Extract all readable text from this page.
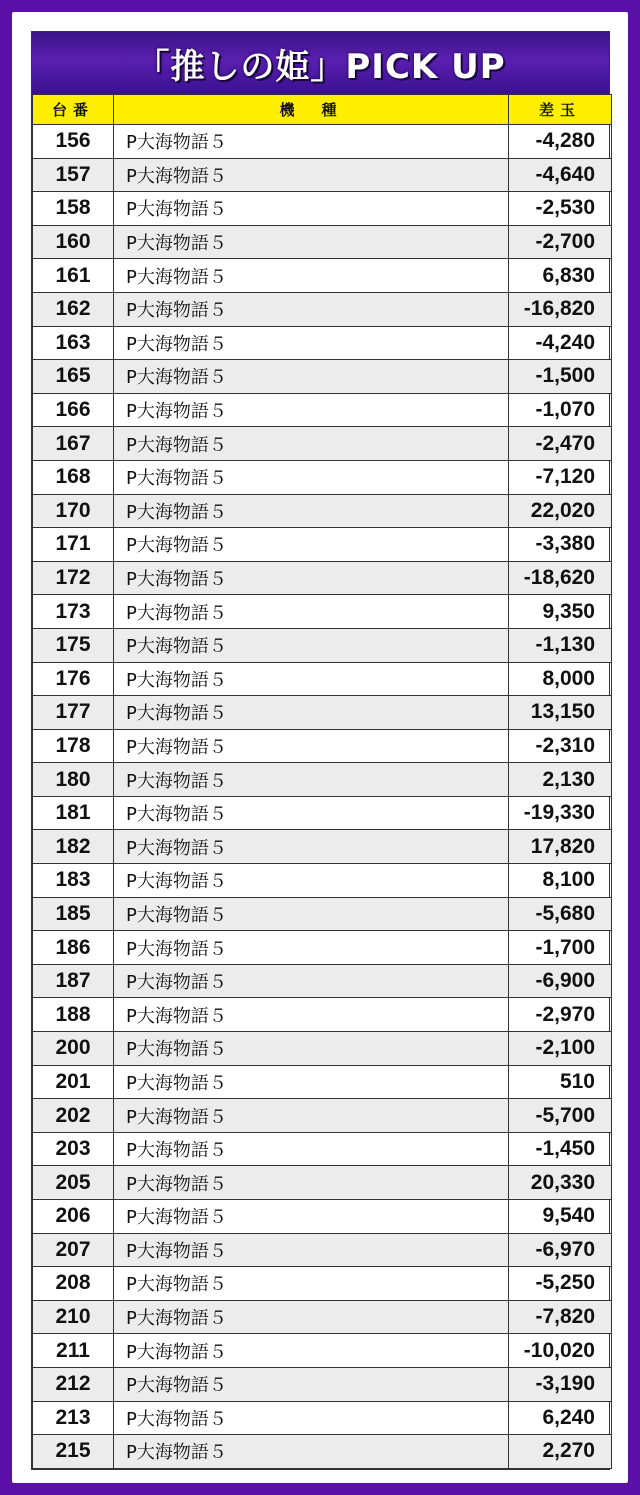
「推しの姫」PICK UP
台番	機　種	差玉
156	P大海物語５	-4,280
157	P大海物語５	-4,640
158	P大海物語５	-2,530
160	P大海物語５	-2,700
161	P大海物語５	6,830
162	P大海物語５	-16,820
163	P大海物語５	-4,240
165	P大海物語５	-1,500
166	P大海物語５	-1,070
167	P大海物語５	-2,470
168	P大海物語５	-7,120
170	P大海物語５	22,020
171	P大海物語５	-3,380
172	P大海物語５	-18,620
173	P大海物語５	9,350
175	P大海物語５	-1,130
176	P大海物語５	8,000
177	P大海物語５	13,150
178	P大海物語５	-2,310
180	P大海物語５	2,130
181	P大海物語５	-19,330
182	P大海物語５	17,820
183	P大海物語５	8,100
185	P大海物語５	-5,680
186	P大海物語５	-1,700
187	P大海物語５	-6,900
188	P大海物語５	-2,970
200	P大海物語５	-2,100
201	P大海物語５	510
202	P大海物語５	-5,700
203	P大海物語５	-1,450
205	P大海物語５	20,330
206	P大海物語５	9,540
207	P大海物語５	-6,970
208	P大海物語５	-5,250
210	P大海物語５	-7,820
211	P大海物語５	-10,020
212	P大海物語５	-3,190
213	P大海物語５	6,240
215	P大海物語５	2,270
